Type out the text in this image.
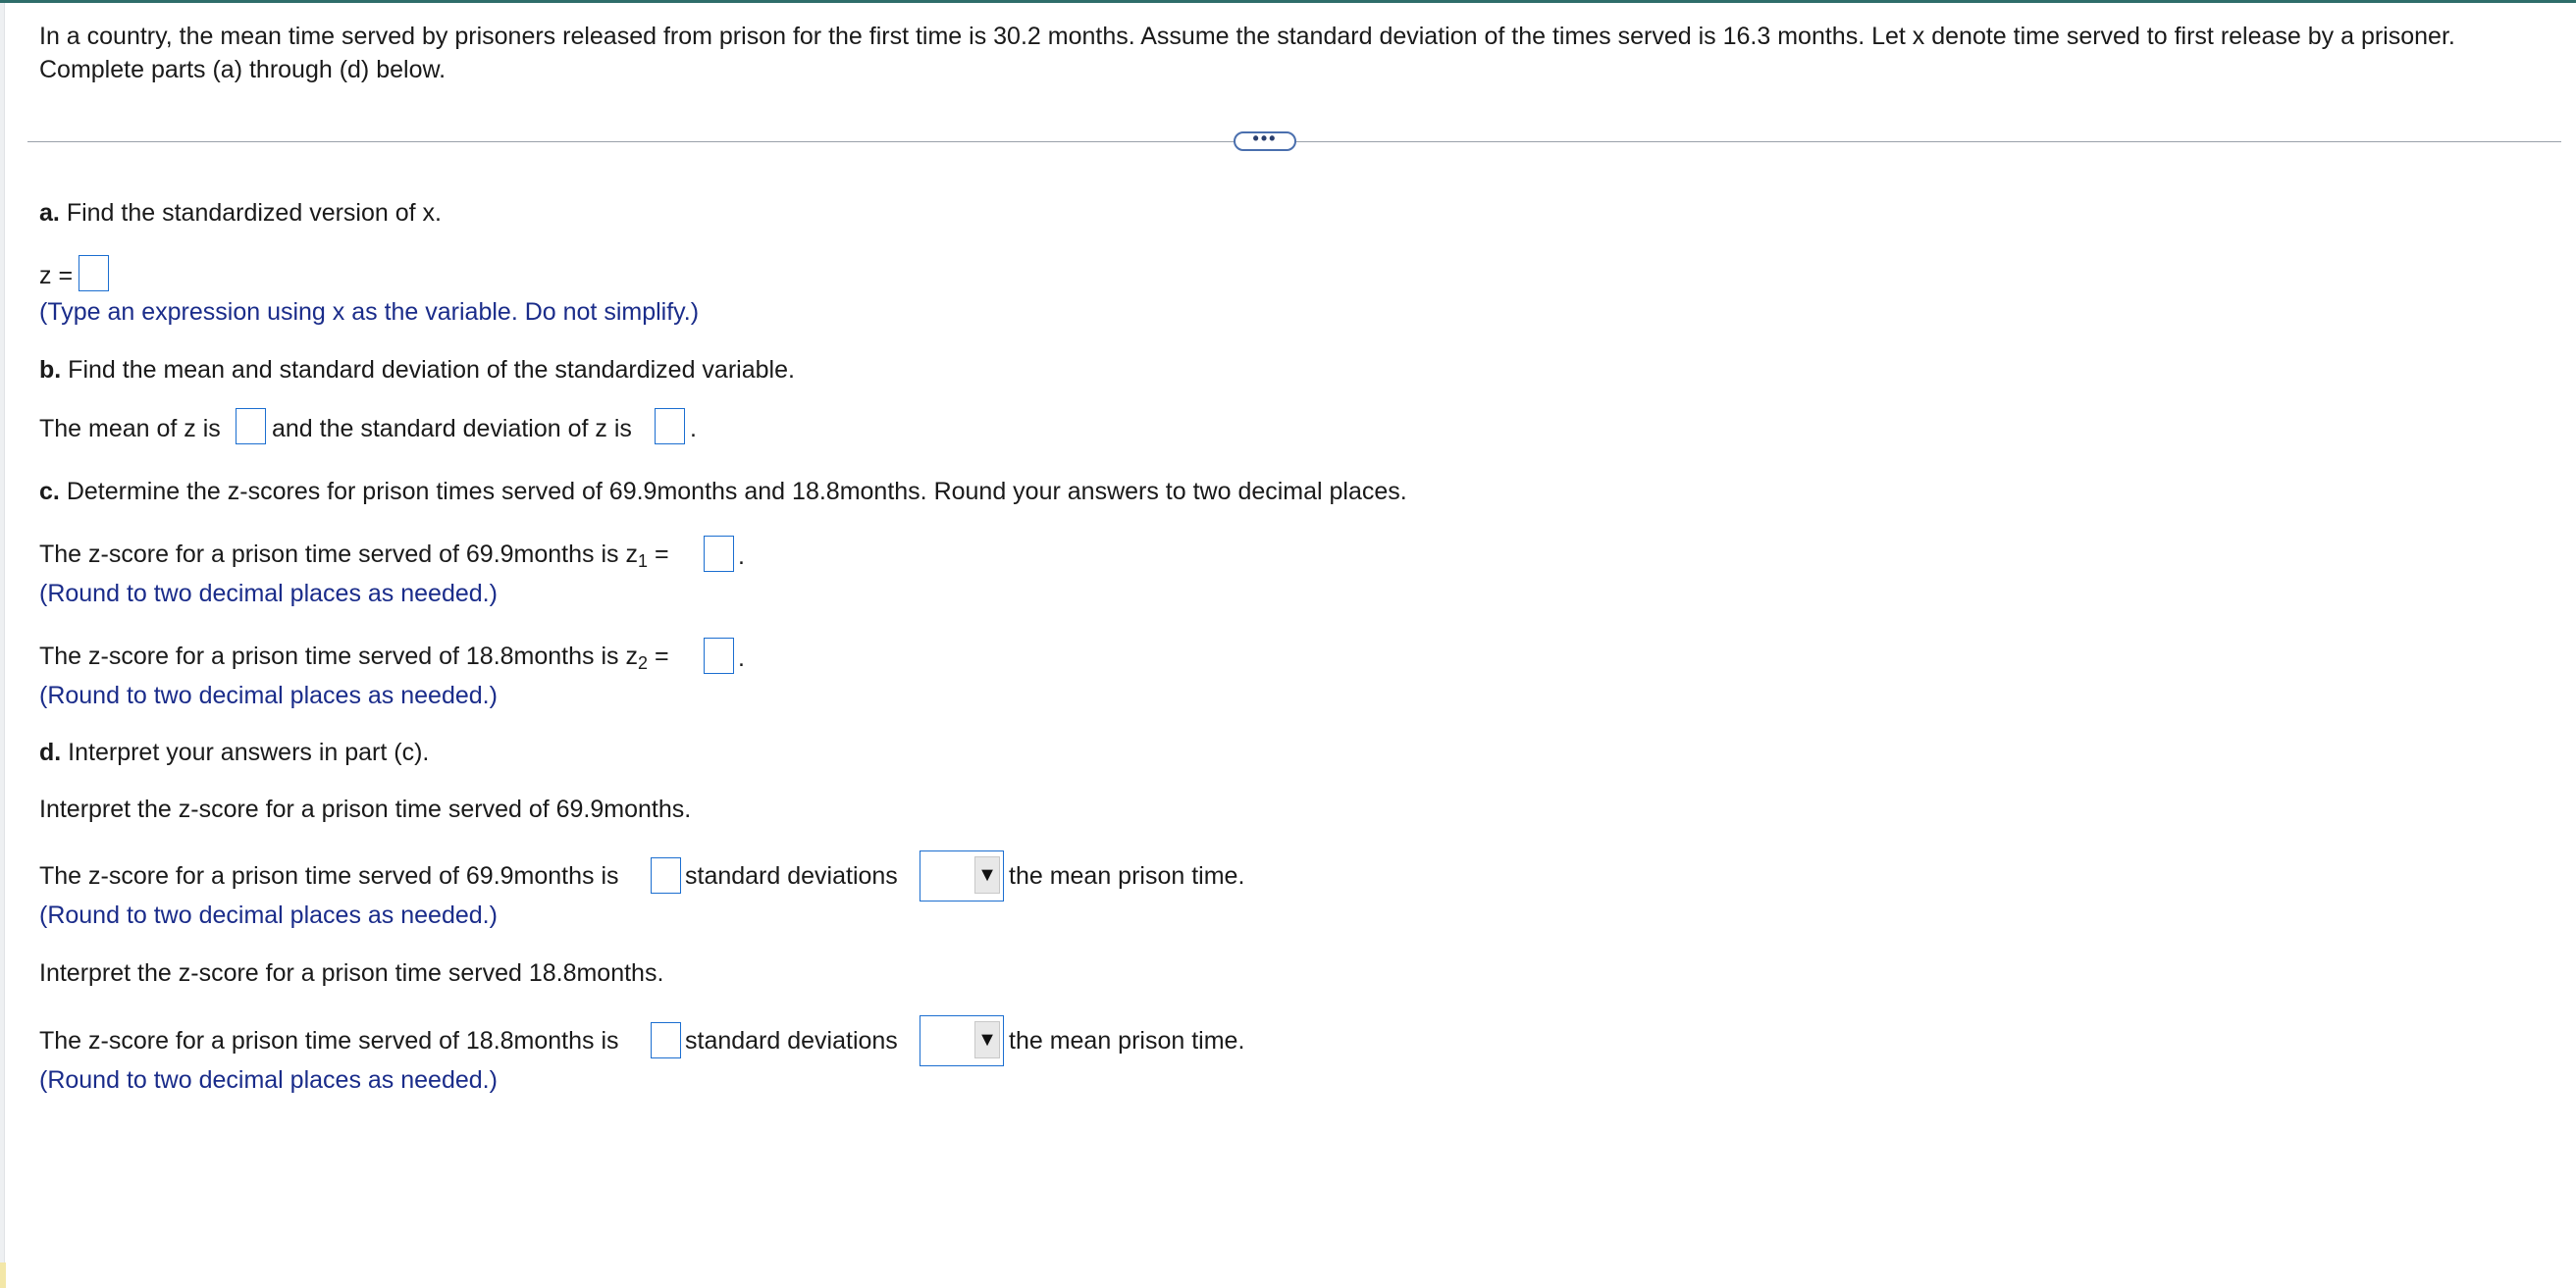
In a country, the mean time served by prisoners released from prison for the first time is 30.2 months. Assume the standard deviation of the times served is 16.3 months. Let x denote time served to first release by a prisoner. Complete parts (a) through (d) below.
•••
a. Find the standardized version of x.
z =
(Type an expression using x as the variable. Do not simplify.)
b. Find the mean and standard deviation of the standardized variable.
The mean of z is and the standard deviation of z is .
c. Determine the z-scores for prison times served of 69.9months and 18.8months. Round your answers to two decimal places.
The z-score for a prison time served of 69.9months is $z_1$ =	.
(Round to two decimal places as needed.)
The z-score for a prison time served of 18.8months is $z_2$ =	.
(Round to two decimal places as needed.)
d. Interpret your answers in part (c).
Interpret the z-score for a prison time served of 69.9months.
The z-score for a prison time served of 69.9months is	standard deviations	▼ the mean prison time.
(Round to two decimal places as needed.)
Interpret the z-score for a prison time served 18.8months.
The z-score for a prison time served of 18.8months is	standard deviations	▼ the mean prison time.
(Round to two decimal places as needed.)
